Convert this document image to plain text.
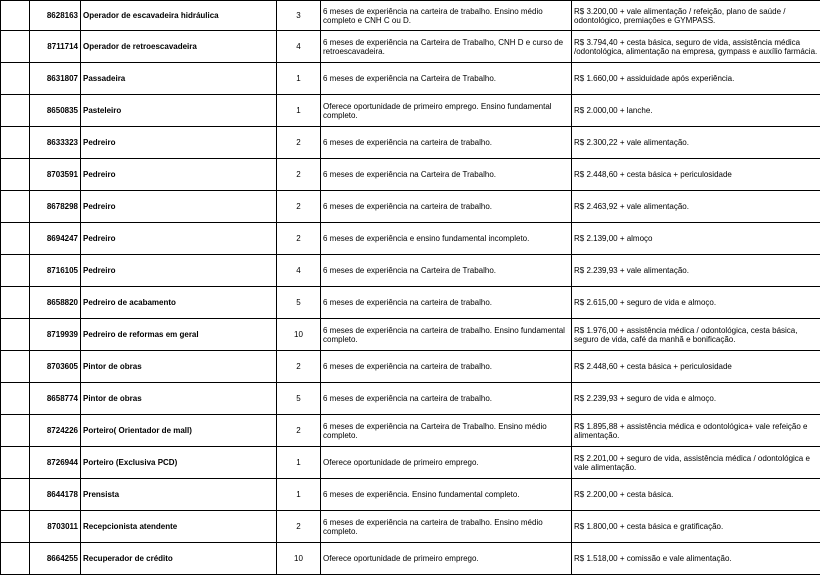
	8628163	Operador de escavadeira hidráulica	3	6 meses de experiência na carteira de trabalho. Ensino médio completo e CNH C ou D.	R$ 3.200,00 + vale alimentação / refeição, plano de saúde / odontológico, premiações e GYMPASS.
	8711714	Operador de retroescavadeira	4	6 meses de experiência na Carteira de Trabalho, CNH D e curso de retroescavadeira.	R$ 3.794,40 + cesta básica, seguro de vida, assistência médica /odontológica, alimentação na empresa, gympass e auxílio farmácia.
	8631807	Passadeira	1	6 meses de experiência na Carteira de Trabalho.	R$ 1.660,00 + assiduidade após experiência.
	8650835	Pasteleiro	1	Oferece oportunidade de primeiro emprego. Ensino fundamental completo.	R$ 2.000,00 + lanche.
	8633323	Pedreiro	2	6 meses de experiência na carteira de trabalho.	R$ 2.300,22 + vale alimentação.
	8703591	Pedreiro	2	6 meses de experiência na Carteira de Trabalho.	R$ 2.448,60 + cesta básica + periculosidade
	8678298	Pedreiro	2	6 meses de experiência na carteira de trabalho.	R$ 2.463,92 + vale alimentação.
	8694247	Pedreiro	2	6 meses de experiência e ensino fundamental incompleto.	R$ 2.139,00 + almoço
	8716105	Pedreiro	4	6 meses de experiência na Carteira de Trabalho.	R$ 2.239,93 + vale alimentação.
	8658820	Pedreiro de acabamento	5	6 meses de experiência na carteira de trabalho.	R$ 2.615,00 + seguro de vida e almoço.
	8719939	Pedreiro de reformas em geral	10	6 meses de experiência na carteira de trabalho. Ensino fundamental completo.	R$ 1.976,00 + assistência médica / odontológica, cesta básica, seguro de vida, café da manhã e bonificação.
	8703605	Pintor de obras	2	6 meses de experiência na carteira de trabalho.	R$ 2.448,60 + cesta básica + periculosidade
	8658774	Pintor de obras	5	6 meses de experiência na carteira de trabalho.	R$ 2.239,93 + seguro de vida e almoço.
	8724226	Porteiro( Orientador de mall)	2	6 meses de experiência na Carteira de Trabalho. Ensino médio completo.	R$ 1.895,88 + assistência médica e odontológica+ vale refeição e alimentação.
	8726944	Porteiro (Exclusiva PCD)	1	Oferece oportunidade de primeiro emprego.	R$ 2.201,00 + seguro de vida, assistência médica / odontológica e vale alimentação.
	8644178	Prensista	1	6 meses de experiência. Ensino fundamental completo.	R$ 2.200,00 + cesta básica.
	8703011	Recepcionista atendente	2	6 meses de experiência na carteira de trabalho. Ensino médio completo.	R$ 1.800,00 + cesta básica e gratificação.
	8664255	Recuperador de crédito	10	Oferece oportunidade de primeiro emprego.	R$ 1.518,00 + comissão e vale alimentação.
